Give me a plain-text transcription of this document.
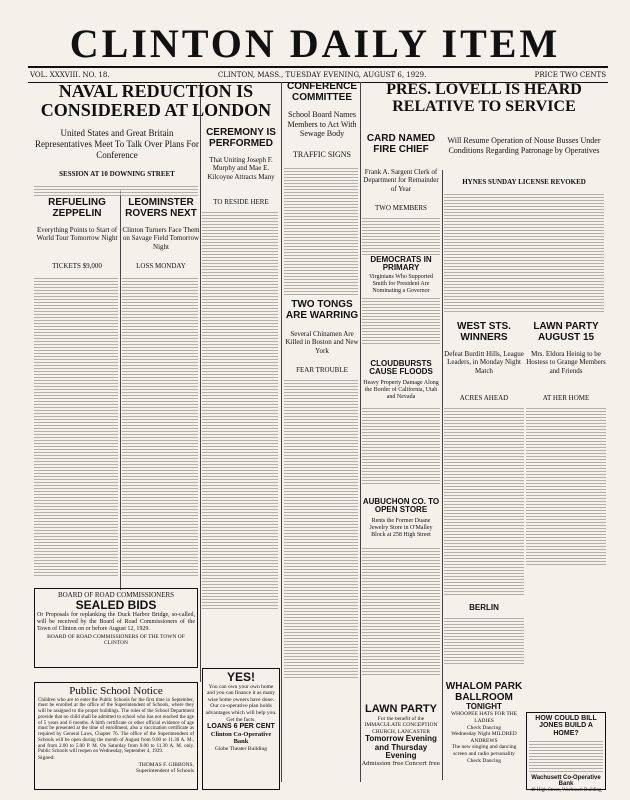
CLINTON DAILY ITEM
VOL. XXXVIII. NO. 18.	CLINTON, MASS., TUESDAY EVENING, AUGUST 6, 1929.	PRICE TWO CENTS
NAVAL REDUCTION IS CONSIDERED AT LONDON
United States and Great Britain Representatives Meet To Talk Over Plans For Conference
SESSION AT 10 DOWNING STREET
CONFERENCE COMMITTEE
School Board Names Members to Act With Sewage Body
TRAFFIC SIGNS
PRES. LOVELL IS HEARD RELATIVE TO SERVICE
Will Resume Operation of Nouse Busses Under Conditions Regarding Patronage by Operatives
HYNES SUNDAY LICENSE REVOKED
CEREMONY IS PERFORMED
That Uniting Joseph F. Murphy and Mae E. Kilcoyne Attracts Many
TO RESIDE HERE
CARD NAMED FIRE CHIEF
Frank A. Sargent Clerk of Department for Remainder of Year
TWO MEMBERS
REFUELING ZEPPELIN
Everything Points to Start of World Tour Tomorrow Night
TICKETS $9,000
LEOMINSTER ROVERS NEXT
Clinton Turners Face Them on Savage Field Tomorrow Night
LOSS MONDAY
DEMOCRATS IN PRIMARY
Virginians Who Supported Smith for President Are Nominating a Governor
TWO TONGS ARE WARRING
Several Chinamen Are Killed in Boston and New York
FEAR TROUBLE
WEST STS. WINNERS
Defeat Burditt Hills, League Leaders, in Monday Night Match
ACRES AHEAD
LAWN PARTY AUGUST 15
Mrs. Eldora Heinig to be Hostess to Grange Members and Friends
AT HER HOME
CLOUDBURSTS CAUSE FLOODS
Heavy Property Damage Along the Border of California, Utah and Nevada
AUBUCHON CO. TO OPEN STORE
Rents the Former Duane Jewelry Store in O'Malley Block at 258 High Street
BERLIN
BOARD OF ROAD COMMISSIONERS
SEALED BIDS
Or Proposals for replanking the Duck Harbor Bridge, so-called, will be received by the Board of Road Commissioners of the Town of Clinton on or before August 12, 1929.
BOARD OF ROAD COMMISSIONERS OF THE TOWN OF CLINTON
Public School Notice
Children who are to enter the Public Schools for the first time in September, must be enrolled at the office of the Superintendent of Schools, where they will be assigned to the proper buildings. The rules of the School Department provide that no child shall be admitted to school who has not reached the age of 5 years and 6 months. A birth certificate or other official evidence of age must be presented at the time of enrollment, also a vaccination certificate as required by General Laws, Chapter 76. The office of the Superintendent of Schools will be open during the month of August from 9.00 to 11.30 A. M., and from 2.00 to 5.00 P. M. On Saturday from 9.00 to 11.30 A. M. only. Public Schools will reopen on Wednesday, September 4, 1929.
Signed:
THOMAS F. GIBBONS,
Superintendent of Schools
YES!
You can own your own home and you can finance it as many wise home owners have done. Our co-operative plan holds advantages which will help you. Get the facts.
LOANS 6 PER CENT
Clinton Co-Operative Bank
Globe Theater Building
LAWN PARTY
For the benefit of the IMMACULATE CONCEPTION CHURCH, LANCASTER
Tomorrow Evening and Thursday Evening
Admission free Concert free
WHALOM PARK BALLROOM
TONIGHT
WHOOPEE HATS FOR THE LADIES
Check Dancing
Wednesday Night MILDRED ANDREWS
The new singing and dancing screen and radio personality
Check Dancing
HOW COULD BILL JONES BUILD A HOME?
Wachusett Co-Operative Bank
40 High Street, Wachusett Building
